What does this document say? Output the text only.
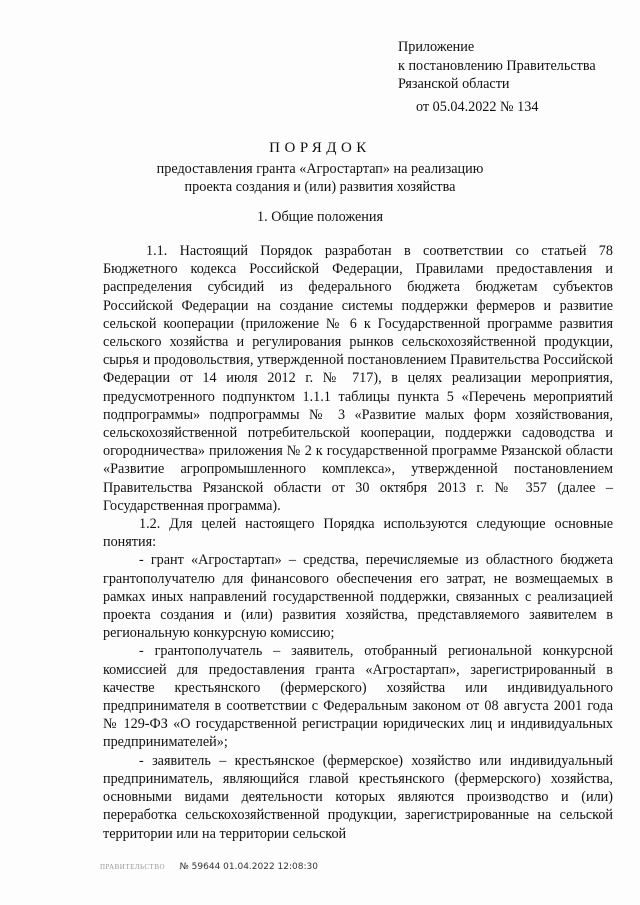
Приложение
к постановлению Правительства
Рязанской области
от 05.04.2022 № 134
ПОРЯДОК
предоставления гранта «Агростартап» на реализацию
проекта создания и (или) развития хозяйства
1. Общие положения

1.1. Настоящий Порядок разработан в соответствии со статьей 78 Бюджетного кодекса Российской Федерации, Правилами предоставления и распределения субсидий из федерального бюджета бюджетам субъектов Российской Федерации на создание системы поддержки фермеров и развитие сельской кооперации (приложение № 6 к Государственной программе развития сельского хозяйства и регулирования рынков сельскохозяйственной продукции, сырья и продовольствия, утвержденной постановлением Правительства Российской Федерации от 14 июля 2012 г. № 717), в целях реализации мероприятия, предусмотренного подпунктом 1.1.1 таблицы пункта 5 «Перечень мероприятий подпрограммы» подпрограммы № 3 «Развитие малых форм хозяйствования, сельскохозяйственной потребительской кооперации, поддержки садоводства и огородничества» приложения № 2 к государственной программе Рязанской области «Развитие агропромышленного комплекса», утвержденной постановлением Правительства Рязанской области от 30 октября 2013 г. № 357 (далее – Государственная программа).

1.2. Для целей настоящего Порядка используются следующие основные понятия:

- грант «Агростартап» – средства, перечисляемые из областного бюджета грантополучателю для финансового обеспечения его затрат, не возмещаемых в рамках иных направлений государственной поддержки, связанных с реализацией проекта создания и (или) развития хозяйства, представляемого заявителем в региональную конкурсную комиссию;

- грантополучатель – заявитель, отобранный региональной конкурсной комиссией для предоставления гранта «Агростартап», зарегистрированный в качестве крестьянского (фермерского) хозяйства или индивидуального предпринимателя в соответствии с Федеральным законом от 08 августа 2001 года № 129-ФЗ «О государственной регистрации юридических лиц и индивидуальных предпринимателей»;

- заявитель – крестьянское (фермерское) хозяйство или индивидуальный предприниматель, являющийся главой крестьянского (фермерского) хозяйства, основными видами деятельности которых являются производство и (или) переработка сельскохозяйственной продукции, зарегистрированные на сельской территории или на территории сельской

ПРАВИТЕЛЬСТВО № 59644 01.04.2022 12:08:30
